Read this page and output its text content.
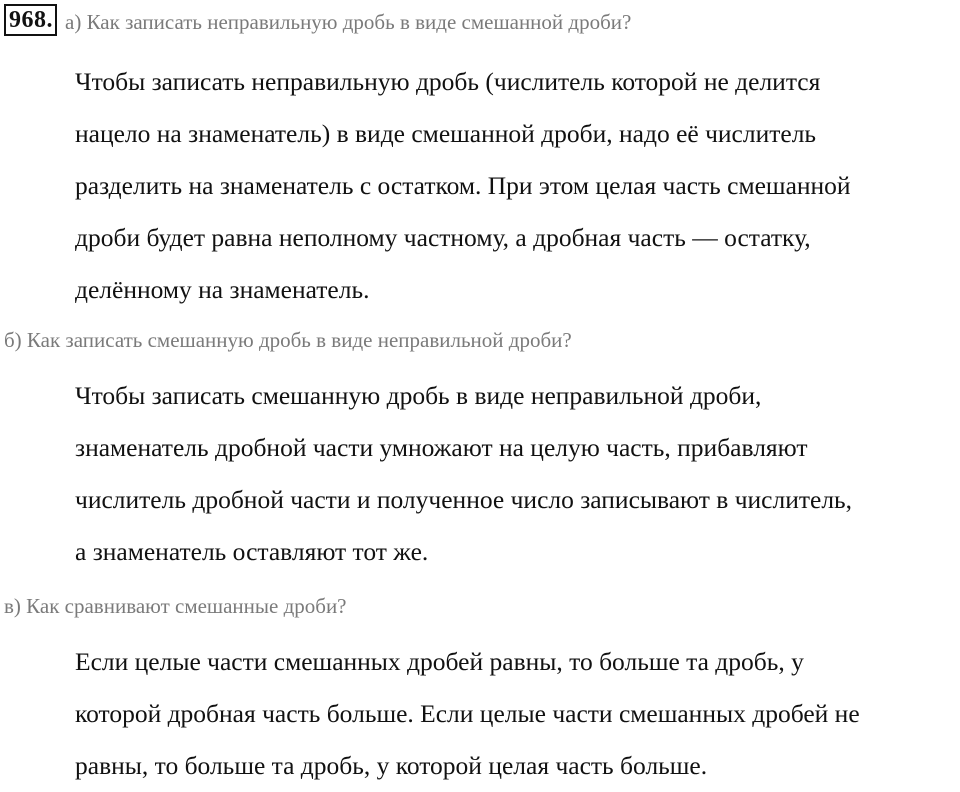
968. а) Как записать неправильную дробь в виде смешанной дроби?
Чтобы записать неправильную дробь (числитель которой не делится
нацело на знаменатель) в виде смешанной дроби, надо её числитель
разделить на знаменатель с остатком. При этом целая часть смешанной
дроби будет равна неполному частному, а дробная часть — остатку,
делённому на знаменатель.
б) Как записать смешанную дробь в виде неправильной дроби?
Чтобы записать смешанную дробь в виде неправильной дроби,
знаменатель дробной части умножают на целую часть, прибавляют
числитель дробной части и полученное число записывают в числитель,
а знаменатель оставляют тот же.
в) Как сравнивают смешанные дроби?
Если целые части смешанных дробей равны, то больше та дробь, у
которой дробная часть больше. Если целые части смешанных дробей не
равны, то больше та дробь, у которой целая часть больше.
